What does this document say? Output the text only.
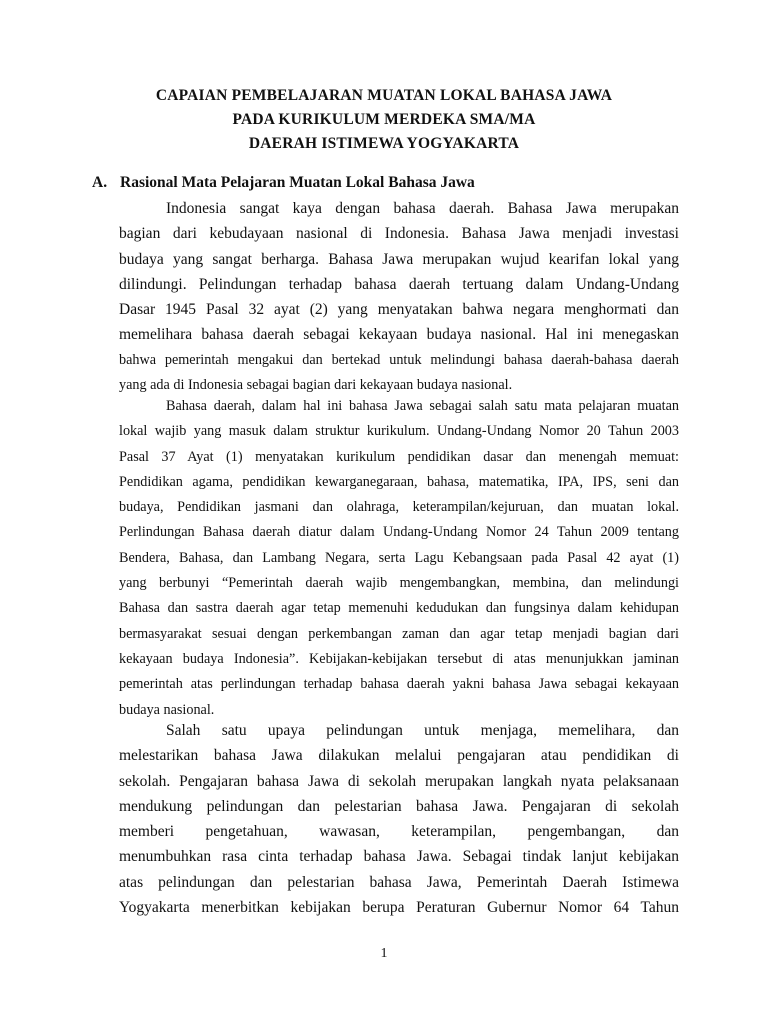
CAPAIAN PEMBELAJARAN MUATAN LOKAL BAHASA JAWA
PADA KURIKULUM MERDEKA SMA/MA
DAERAH ISTIMEWA YOGYAKARTA
A. Rasional Mata Pelajaran Muatan Lokal Bahasa Jawa
Indonesia sangat kaya dengan bahasa daerah. Bahasa Jawa merupakan
bagian dari kebudayaan nasional di Indonesia. Bahasa Jawa menjadi investasi
budaya yang sangat berharga. Bahasa Jawa merupakan wujud kearifan lokal yang
dilindungi. Pelindungan terhadap bahasa daerah tertuang dalam Undang-Undang
Dasar 1945 Pasal 32 ayat (2) yang menyatakan bahwa negara menghormati dan
memelihara bahasa daerah sebagai kekayaan budaya nasional. Hal ini menegaskan
bahwa pemerintah mengakui dan bertekad untuk melindungi bahasa daerah-bahasa daerah
yang ada di Indonesia sebagai bagian dari kekayaan budaya nasional.
Bahasa daerah, dalam hal ini bahasa Jawa sebagai salah satu mata pelajaran muatan
lokal wajib yang masuk dalam struktur kurikulum. Undang-Undang Nomor 20 Tahun 2003
Pasal 37 Ayat (1) menyatakan kurikulum pendidikan dasar dan menengah memuat:
Pendidikan agama, pendidikan kewarganegaraan, bahasa, matematika, IPA, IPS, seni dan
budaya, Pendidikan jasmani dan olahraga, keterampilan/kejuruan, dan muatan lokal.
Perlindungan Bahasa daerah diatur dalam Undang-Undang Nomor 24 Tahun 2009 tentang
Bendera, Bahasa, dan Lambang Negara, serta Lagu Kebangsaan pada Pasal 42 ayat (1)
yang berbunyi “Pemerintah daerah wajib mengembangkan, membina, dan melindungi
Bahasa dan sastra daerah agar tetap memenuhi kedudukan dan fungsinya dalam kehidupan
bermasyarakat sesuai dengan perkembangan zaman dan agar tetap menjadi bagian dari
kekayaan budaya Indonesia”. Kebijakan-kebijakan tersebut di atas menunjukkan jaminan
pemerintah atas perlindungan terhadap bahasa daerah yakni bahasa Jawa sebagai kekayaan
budaya nasional.
Salah satu upaya pelindungan untuk menjaga, memelihara, dan
melestarikan bahasa Jawa dilakukan melalui pengajaran atau pendidikan di
sekolah. Pengajaran bahasa Jawa di sekolah merupakan langkah nyata pelaksanaan
mendukung pelindungan dan pelestarian bahasa Jawa. Pengajaran di sekolah
memberi pengetahuan, wawasan, keterampilan, pengembangan, dan
menumbuhkan rasa cinta terhadap bahasa Jawa. Sebagai tindak lanjut kebijakan
atas pelindungan dan pelestarian bahasa Jawa, Pemerintah Daerah Istimewa
Yogyakarta menerbitkan kebijakan berupa Peraturan Gubernur Nomor 64 Tahun
1
